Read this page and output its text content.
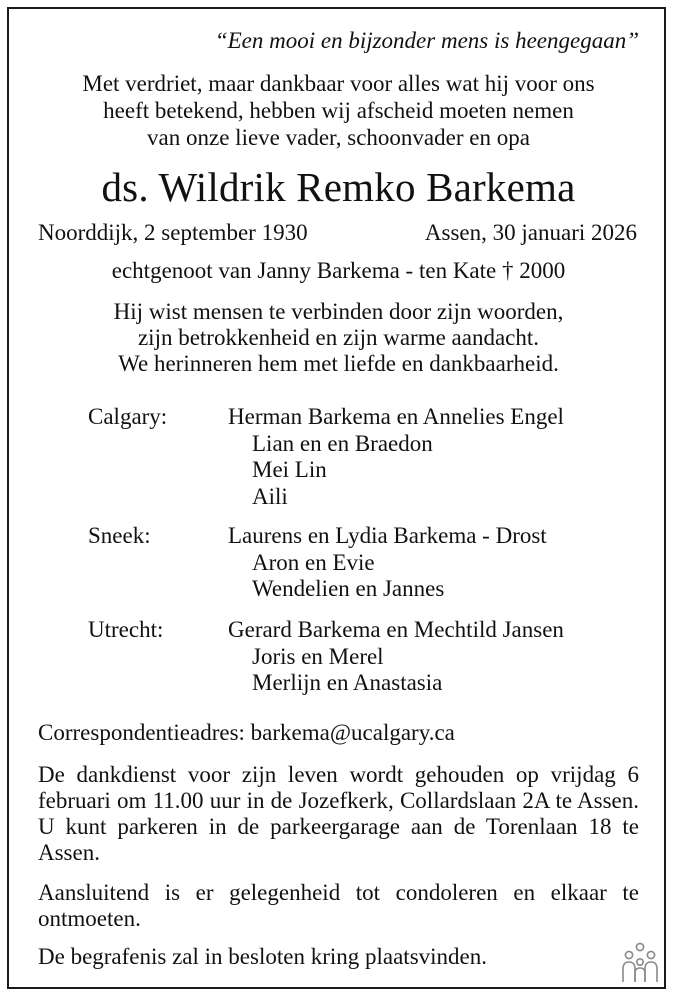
“Een mooi en bijzonder mens is heengegaan”
Met verdriet, maar dankbaar voor alles wat hij voor ons
heeft betekend, hebben wij afscheid moeten nemen
van onze lieve vader, schoonvader en opa
ds. Wildrik Remko Barkema
Noorddijk, 2 september 1930	Assen, 30 januari 2026
echtgenoot van Janny Barkema - ten Kate † 2000
Hij wist mensen te verbinden door zijn woorden,
zijn betrokkenheid en zijn warme aandacht.
We herinneren hem met liefde en dankbaarheid.
Calgary:	Herman Barkema en Annelies Engel
Lian en en Braedon
Mei Lin
Aili
Sneek:	Laurens en Lydia Barkema - Drost
Aron en Evie
Wendelien en Jannes
Utrecht:	Gerard Barkema en Mechtild Jansen
Joris en Merel
Merlijn en Anastasia
Correspondentieadres: barkema@ucalgary.ca
De dankdienst voor zijn leven wordt gehouden op vrijdag 6 februari om 11.00 uur in de Jozefkerk, Collardslaan 2A te Assen. U kunt parkeren in de parkeergarage aan de Torenlaan 18 te Assen.
Aansluitend is er gelegenheid tot condoleren en elkaar te ontmoeten.
De begrafenis zal in besloten kring plaatsvinden.
